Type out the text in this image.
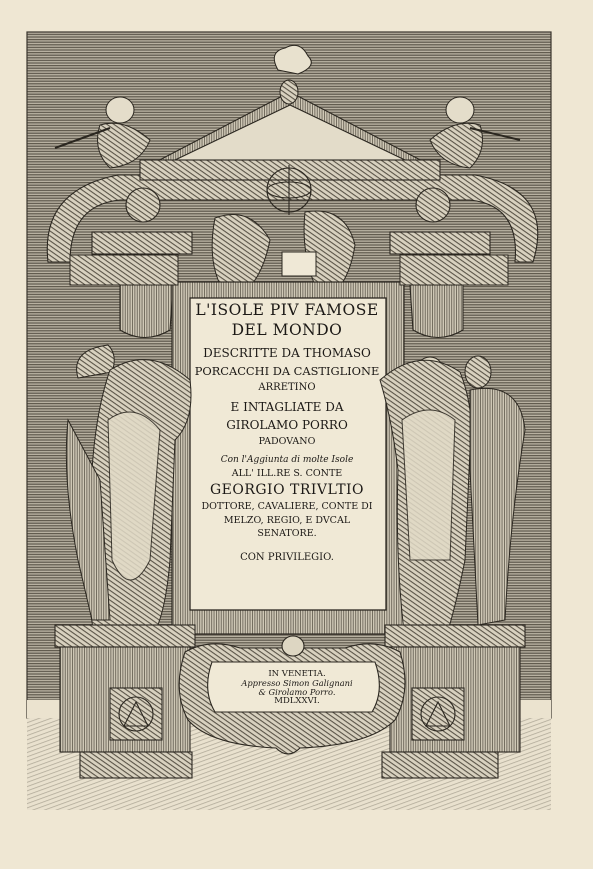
L'ISOLE PIV FAMOSE
DEL MONDO
DESCRITTE DA THOMASO
PORCACCHI DA CASTIGLIONE
ARRETINO
E INTAGLIATE DA
GIROLAMO PORRO
PADOVANO
Con l'Aggiunta di molte Isole
ALL' ILL.RE S. CONTE
GEORGIO TRIVLTIO
DOTTORE, CAVALIERE, CONTE DI
MELZO, REGIO, E DVCAL
SENATORE.
CON PRIVILEGIO.
IN VENETIA.
Appresso Simon Galignani
& Girolamo Porro.
MDLXXVI.
